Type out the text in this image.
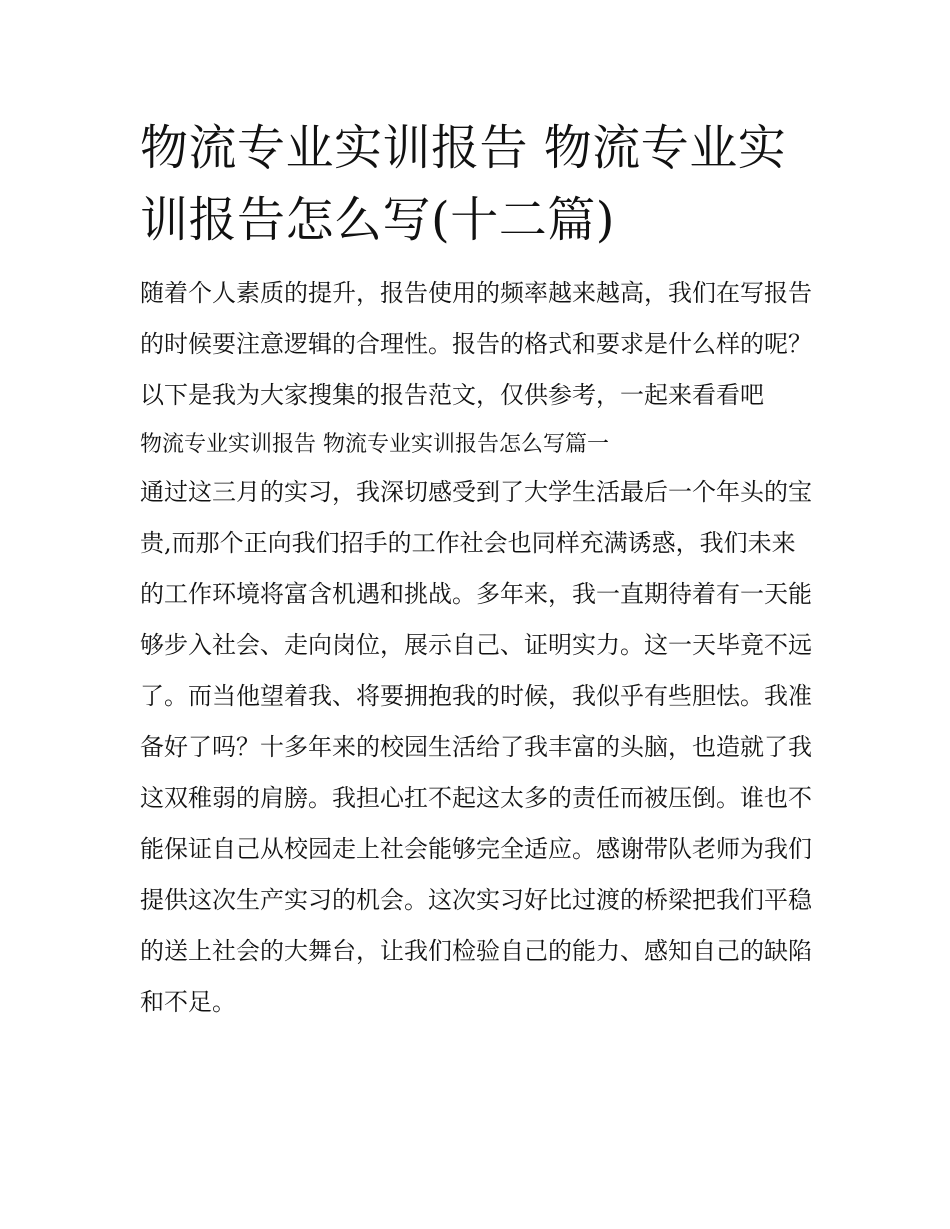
物流专业实训报告 物流专业实训报告怎么写(十二篇)

随着个人素质的提升，报告使用的频率越来越高，我们在写报告的时候要注意逻辑的合理性。报告的格式和要求是什么样的呢？以下是我为大家搜集的报告范文，仅供参考，一起来看看吧

物流专业实训报告 物流专业实训报告怎么写篇一

通过这三月的实习，我深切感受到了大学生活最后一个年头的宝贵,而那个正向我们招手的工作社会也同样充满诱惑，我们未来的工作环境将富含机遇和挑战。多年来，我一直期待着有一天能够步入社会、走向岗位，展示自己、证明实力。这一天毕竟不远了。而当他望着我、将要拥抱我的时候，我似乎有些胆怯。我准备好了吗？十多年来的校园生活给了我丰富的头脑，也造就了我这双稚弱的肩膀。我担心扛不起这太多的责任而被压倒。谁也不能保证自己从校园走上社会能够完全适应。感谢带队老师为我们提供这次生产实习的机会。这次实习好比过渡的桥梁把我们平稳的送上社会的大舞台，让我们检验自己的能力、感知自己的缺陷和不足。
